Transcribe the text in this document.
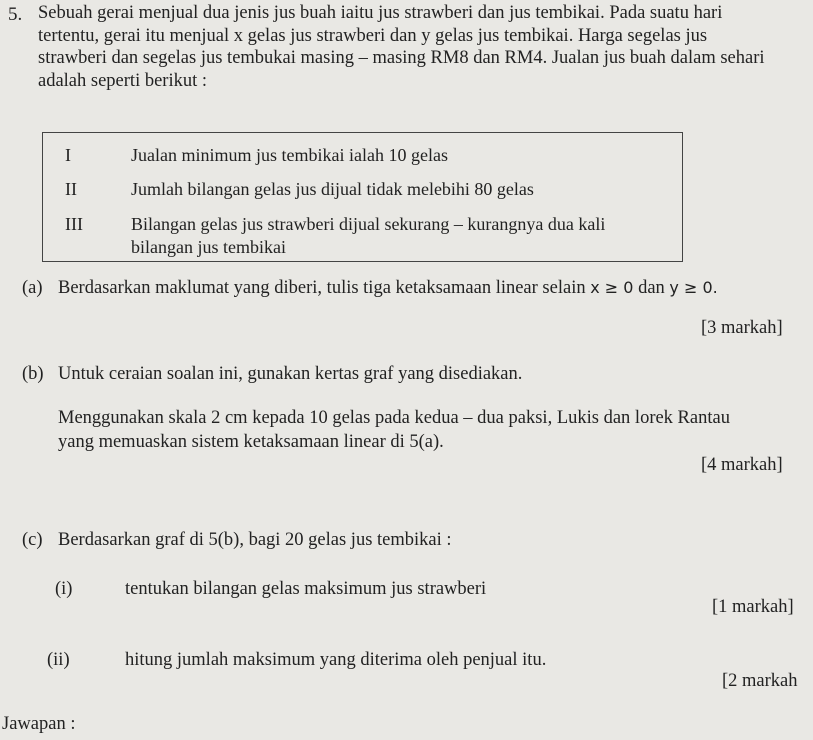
5. Sebuah gerai menjual dua jenis jus buah iaitu jus strawberi dan jus tembikai. Pada suatu hari
tertentu, gerai itu menjual x gelas jus strawberi dan y gelas jus tembikai. Harga segelas jus
strawberi dan segelas jus tembukai masing – masing RM8 dan RM4. Jualan jus buah dalam sehari
adalah seperti berikut :
I	Jualan minimum jus tembikai ialah 10 gelas
II	Jumlah bilangan gelas jus dijual tidak melebihi 80 gelas
III	Bilangan gelas jus strawberi dijual sekurang – kurangnya dua kali
bilangan jus tembikai
(a) Berdasarkan maklumat yang diberi, tulis tiga ketaksamaan linear selain x ≥ 0 dan y ≥ 0.
[3 markah]
(b) Untuk ceraian soalan ini, gunakan kertas graf yang disediakan.
Menggunakan skala 2 cm kepada 10 gelas pada kedua – dua paksi, Lukis dan lorek Rantau
yang memuaskan sistem ketaksamaan linear di 5(a).
[4 markah]
(c) Berdasarkan graf di 5(b), bagi 20 gelas jus tembikai :
(i)	tentukan bilangan gelas maksimum jus strawberi
[1 markah]
(ii)	hitung jumlah maksimum yang diterima oleh penjual itu.
[2 markah
Jawapan :
